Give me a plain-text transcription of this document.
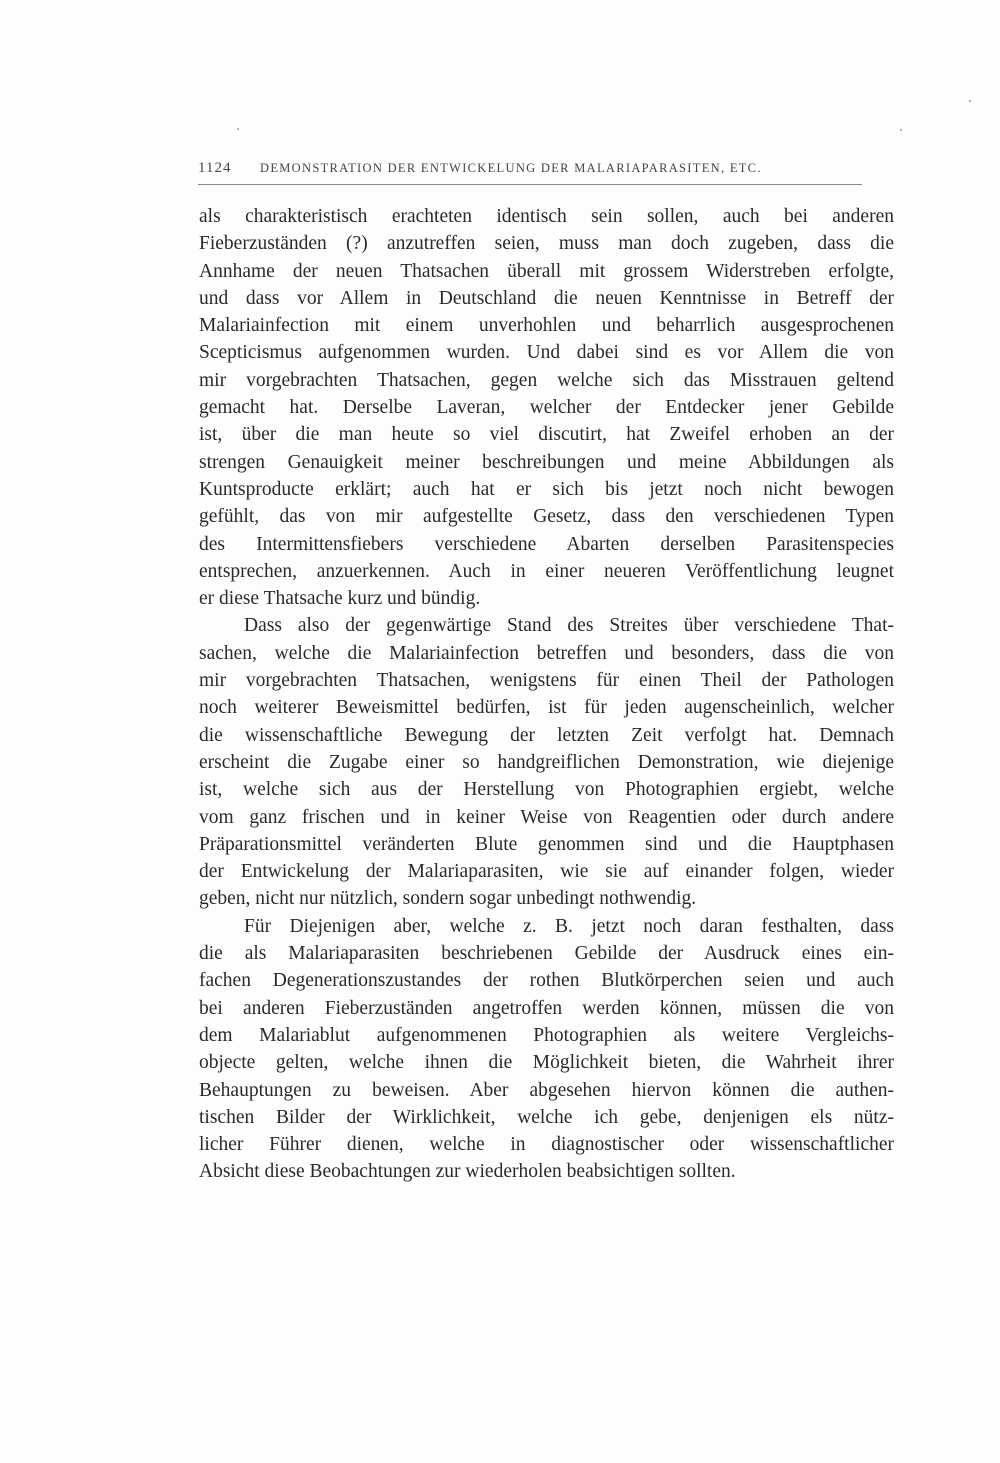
1124 DEMONSTRATION DER ENTWICKELUNG DER MALARIAPARASITEN, ETC.
als charakteristisch erachteten identisch sein sollen, auch bei anderen
Fieberzuständen (?) anzutreffen seien, muss man doch zugeben, dass die
Annhame der neuen Thatsachen überall mit grossem Widerstreben erfolgte,
und dass vor Allem in Deutschland die neuen Kenntnisse in Betreff der
Malariainfection mit einem unverhohlen und beharrlich ausgesprochenen
Scepticismus aufgenommen wurden. Und dabei sind es vor Allem die von
mir vorgebrachten Thatsachen, gegen welche sich das Misstrauen geltend
gemacht hat. Derselbe Laveran, welcher der Entdecker jener Gebilde
ist, über die man heute so viel discutirt, hat Zweifel erhoben an der
strengen Genauigkeit meiner beschreibungen und meine Abbildungen als
Kuntsproducte erklärt; auch hat er sich bis jetzt noch nicht bewogen
gefühlt, das von mir aufgestellte Gesetz, dass den verschiedenen Typen
des Intermittensfiebers verschiedene Abarten derselben Parasitenspecies
entsprechen, anzuerkennen. Auch in einer neueren Veröffentlichung leugnet
er diese Thatsache kurz und bündig.
Dass also der gegenwärtige Stand des Streites über verschiedene That-
sachen, welche die Malariainfection betreffen und besonders, dass die von
mir vorgebrachten Thatsachen, wenigstens für einen Theil der Pathologen
noch weiterer Beweismittel bedürfen, ist für jeden augenscheinlich, welcher
die wissenschaftliche Bewegung der letzten Zeit verfolgt hat. Demnach
erscheint die Zugabe einer so handgreiflichen Demonstration, wie diejenige
ist, welche sich aus der Herstellung von Photographien ergiebt, welche
vom ganz frischen und in keiner Weise von Reagentien oder durch andere
Präparationsmittel veränderten Blute genommen sind und die Hauptphasen
der Entwickelung der Malariaparasiten, wie sie auf einander folgen, wieder
geben, nicht nur nützlich, sondern sogar unbedingt nothwendig.
Für Diejenigen aber, welche z. B. jetzt noch daran festhalten, dass
die als Malariaparasiten beschriebenen Gebilde der Ausdruck eines ein-
fachen Degenerationszustandes der rothen Blutkörperchen seien und auch
bei anderen Fieberzuständen angetroffen werden können, müssen die von
dem Malariablut aufgenommenen Photographien als weitere Vergleichs-
objecte gelten, welche ihnen die Möglichkeit bieten, die Wahrheit ihrer
Behauptungen zu beweisen. Aber abgesehen hiervon können die authen-
tischen Bilder der Wirklichkeit, welche ich gebe, denjenigen els nütz-
licher Führer dienen, welche in diagnostischer oder wissenschaftlicher
Absicht diese Beobachtungen zur wiederholen beabsichtigen sollten.
